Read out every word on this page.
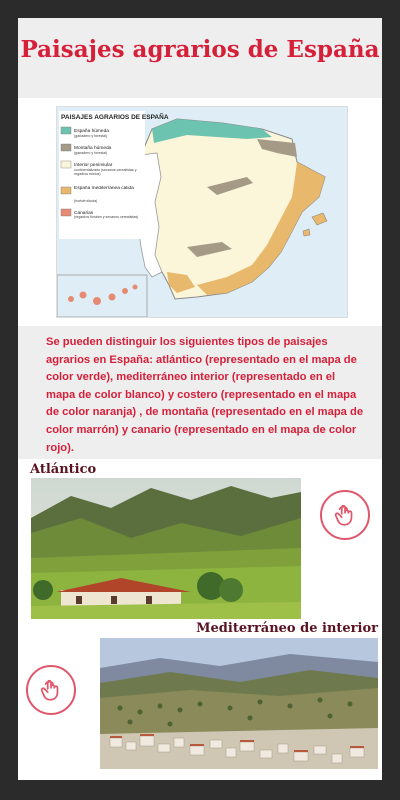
Paisajes agrarios de España
PAISAJES AGRARIOS DE ESPAÑA
España húmeda
(ganadero y forestal)
Montaña húmeda
(ganadero y forestal)
Interior peninsular
continentalizado (secanos cerealistas y regadíos mixtos)
España mediterránea cálida
(hortofrutícola)
Canarias
(regadíos florales y secanos cerealistas)

Se pueden distinguir los siguientes tipos de paisajes agrarios en España: atlántico (representado en el mapa de color verde), mediterráneo interior (representado en el mapa de color blanco) y costero (representado en el mapa de color naranja) , de montaña (representado en el mapa de color marrón) y canario (representado en el mapa de color rojo).

Atlántico
Mediterráneo de interior
